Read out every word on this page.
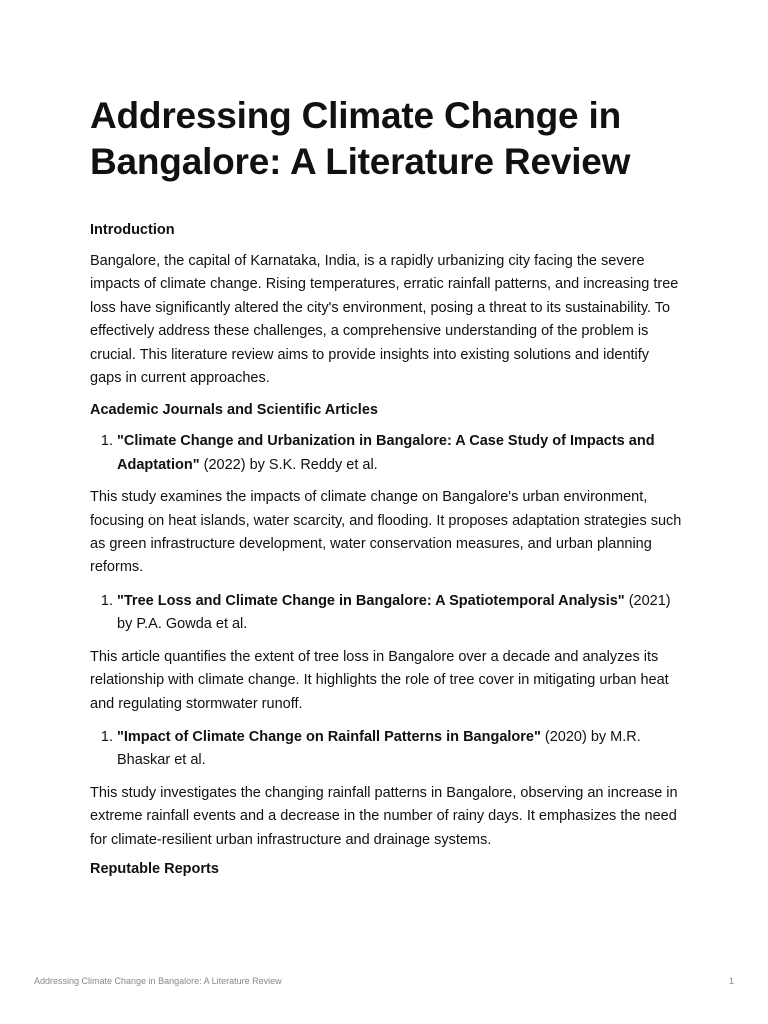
Addressing Climate Change in Bangalore: A Literature Review
Introduction

Bangalore, the capital of Karnataka, India, is a rapidly urbanizing city facing the severe impacts of climate change. Rising temperatures, erratic rainfall patterns, and increasing tree loss have significantly altered the city's environment, posing a threat to its sustainability. To effectively address these challenges, a comprehensive understanding of the problem is crucial. This literature review aims to provide insights into existing solutions and identify gaps in current approaches.

Academic Journals and Scientific Articles
1. "Climate Change and Urbanization in Bangalore: A Case Study of Impacts and Adaptation" (2022) by S.K. Reddy et al.

This study examines the impacts of climate change on Bangalore's urban environment, focusing on heat islands, water scarcity, and flooding. It proposes adaptation strategies such as green infrastructure development, water conservation measures, and urban planning reforms.

1. "Tree Loss and Climate Change in Bangalore: A Spatiotemporal Analysis" (2021) by P.A. Gowda et al.

This article quantifies the extent of tree loss in Bangalore over a decade and analyzes its relationship with climate change. It highlights the role of tree cover in mitigating urban heat and regulating stormwater runoff.

1. "Impact of Climate Change on Rainfall Patterns in Bangalore" (2020) by M.R. Bhaskar et al.

This study investigates the changing rainfall patterns in Bangalore, observing an increase in extreme rainfall events and a decrease in the number of rainy days. It emphasizes the need for climate-resilient urban infrastructure and drainage systems.

Reputable Reports
Addressing Climate Change in Bangalore: A Literature Review	1
